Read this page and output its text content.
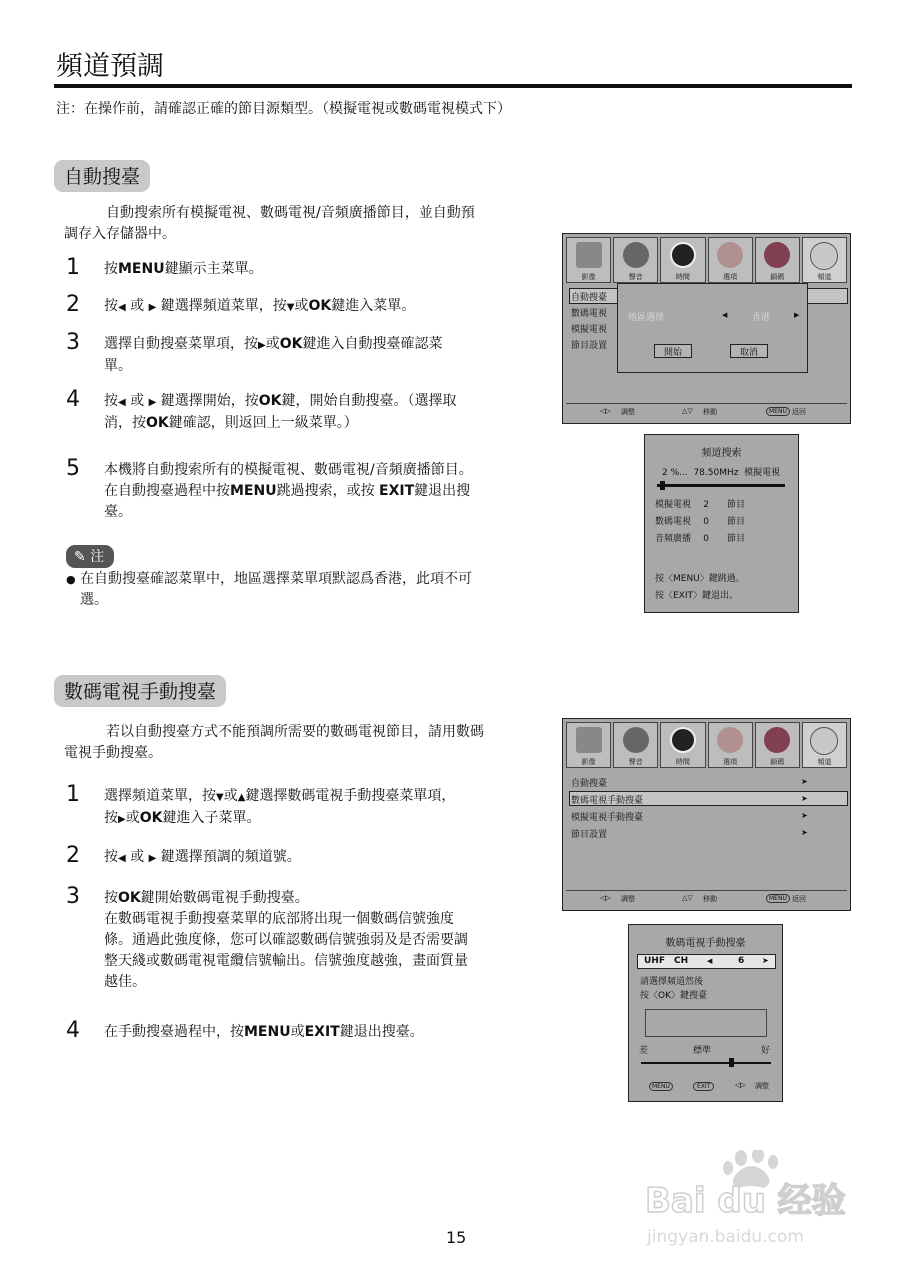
頻道預調
注：在操作前，請確認正確的節目源類型。（模擬電視或數碼電視模式下）
自動搜臺
自動搜索所有模擬電視、數碼電視/音頻廣播節目，並自動預
調存入存儲器中。
1 按MENU鍵顯示主菜單。
2 按◀ 或 ▶ 鍵選擇頻道菜單，按▼或OK鍵進入菜單。
3 選擇自動搜臺菜單項，按▶或OK鍵進入自動搜臺確認菜
單。
4 按◀ 或 ▶ 鍵選擇開始，按OK鍵，開始自動搜臺。（選擇取
消，按OK鍵確認，則返回上一級菜單。）
5 本機將自動搜索所有的模擬電視、數碼電視/音頻廣播節目。
在自動搜臺過程中按MENU跳過搜索，或按 EXIT鍵退出搜
臺。
✎ 注
● 在自動搜臺確認菜單中，地區選擇菜單項默認爲香港，此項不可
選。
影像	聲音	時間	選項	鎖碼	頻道
自動搜臺
數碼電視
模擬電視
節目設置
地區選擇	◀	香港	▶
開始	取消
◁▷ 調整	△▽ 移動	MENU 返回
頻道搜索
2 %...  78.50MHz  模擬電視
模擬電視 2 節目
數碼電視 0 節目
音頻廣播 0 節目
按〈MENU〉鍵跳過。
按〈EXIT〉鍵退出。
數碼電視手動搜臺
若以自動搜臺方式不能預調所需要的數碼電視節目，請用數碼
電視手動搜臺。
1 選擇頻道菜單，按▼或▲鍵選擇數碼電視手動搜臺菜單項，
按▶或OK鍵進入子菜單。
2 按◀ 或 ▶ 鍵選擇預調的頻道號。
3 按OK鍵開始數碼電視手動搜臺。
在數碼電視手動搜臺菜單的底部將出現一個數碼信號強度
條。通過此強度條，您可以確認數碼信號強弱及是否需要調
整天綫或數碼電視電纜信號輸出。信號強度越強，畫面質量
越佳。
4 在手動搜臺過程中，按MENU或EXIT鍵退出搜臺。
影像	聲音	時間	選項	鎖碼	頻道
自動搜臺
數碼電視手動搜臺
模擬電視手動搜臺
節目設置
➤
➤
➤
➤
◁▷ 調整	△▽ 移動	MENU 返回
數碼電視手動搜臺
UHF CH	◀	6 ➤
請選擇頻道然後
按〈OK〉鍵搜臺
差	標準	好
MENU	EXIT	◁▷ 調整
Bai du 经验
jingyan.baidu.com
15
